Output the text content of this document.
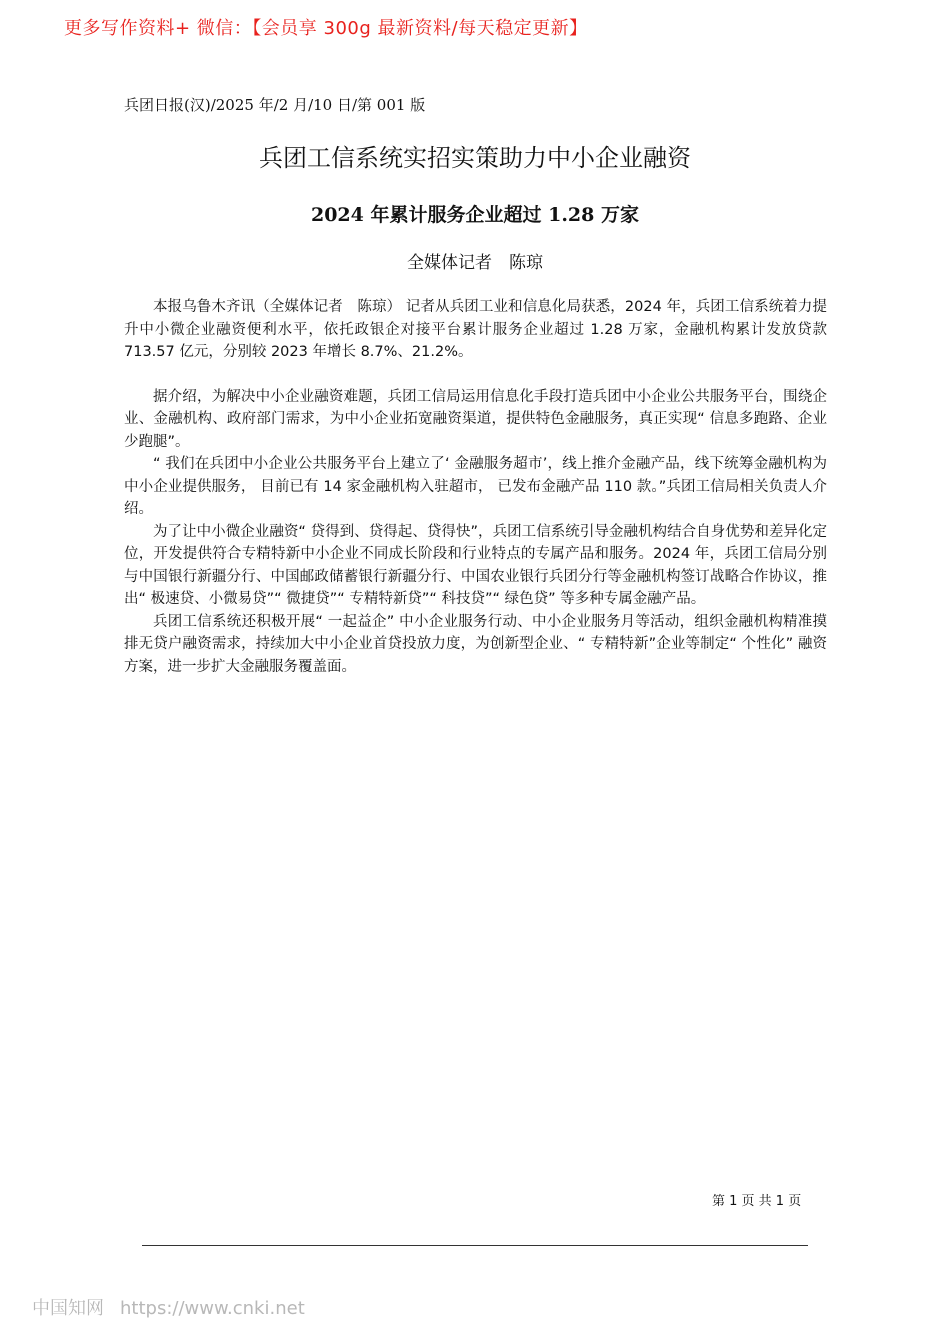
更多写作资料+ 微信：【会员享 300g 最新资料/每天稳定更新】
兵团日报(汉)/2025 年/2 月/10 日/第 001 版
兵团工信系统实招实策助力中小企业融资
2024 年累计服务企业超过 1.28 万家
全媒体记者　陈琼

本报乌鲁木齐讯（全媒体记者　陈琼） 记者从兵团工业和信息化局获悉，2024 年，兵团工信系统着力提升中小微企业融资便利水平，依托政银企对接平台累计服务企业超过 1.28 万家，金融机构累计发放贷款 713.57 亿元，分别较 2023 年增长 8.7%、21.2%。

据介绍，为解决中小企业融资难题，兵团工信局运用信息化手段打造兵团中小企业公共服务平台，围绕企业、金融机构、政府部门需求，为中小企业拓宽融资渠道，提供特色金融服务，真正实现“ 信息多跑路、企业少跑腿”。

“ 我们在兵团中小企业公共服务平台上建立了‘ 金融服务超市’，线上推介金融产品，线下统筹金融机构为中小企业提供服务， 目前已有 14 家金融机构入驻超市， 已发布金融产品 110 款。”兵团工信局相关负责人介绍。

为了让中小微企业融资“ 贷得到、贷得起、贷得快”，兵团工信系统引导金融机构结合自身优势和差异化定位，开发提供符合专精特新中小企业不同成长阶段和行业特点的专属产品和服务。2024 年，兵团工信局分别与中国银行新疆分行、中国邮政储蓄银行新疆分行、中国农业银行兵团分行等金融机构签订战略合作协议，推出“ 极速贷、小微易贷”“ 微捷贷”“ 专精特新贷”“ 科技贷”“ 绿色贷” 等多种专属金融产品。

兵团工信系统还积极开展“ 一起益企” 中小企业服务行动、中小企业服务月等活动，组织金融机构精准摸排无贷户融资需求，持续加大中小企业首贷投放力度，为创新型企业、“ 专精特新”企业等制定“ 个性化” 融资方案，进一步扩大金融服务覆盖面。

第 1 页 共 1 页
中国知网 https://www.cnki.net
